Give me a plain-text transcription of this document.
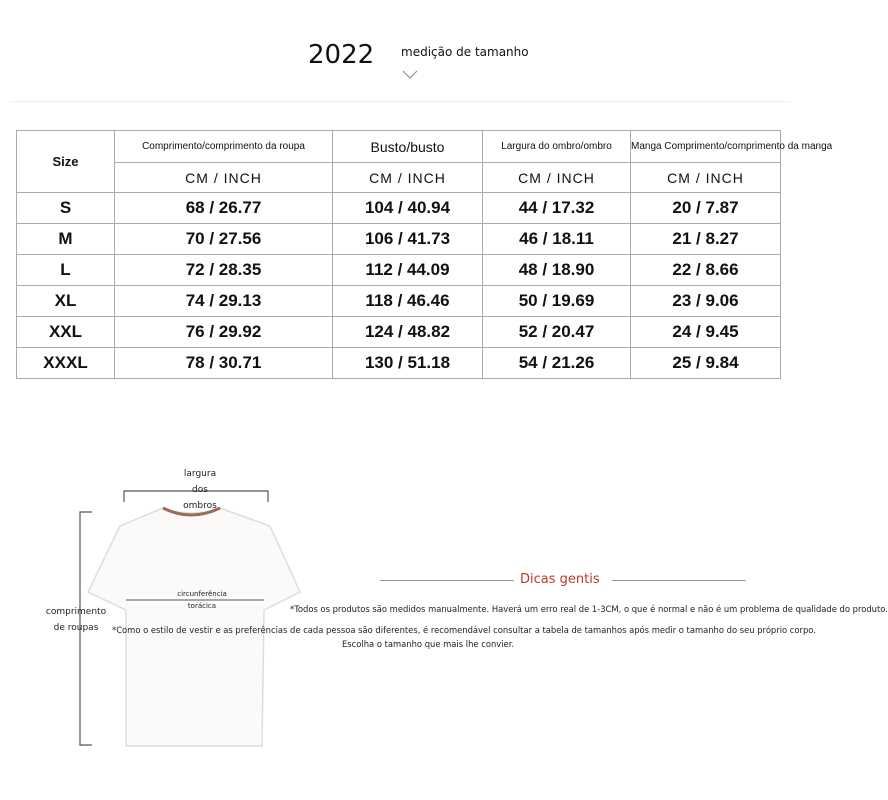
2022 medição de tamanho
Size	Comprimento/comprimento da roupa	Busto/busto	Largura do ombro/ombro	Manga Comprimento/comprimento da manga
	CM / INCH	CM / INCH	CM / INCH	CM / INCH
S	68 / 26.77	104 / 40.94	44 / 17.32	20 / 7.87
M	70 / 27.56	106 / 41.73	46 / 18.11	21 / 8.27
L	72 / 28.35	112 / 44.09	48 / 18.90	22 / 8.66
XL	74 / 29.13	118 / 46.46	50 / 19.69	23 / 9.06
XXL	76 / 29.92	124 / 48.82	52 / 20.47	24 / 9.45
XXXL	78 / 30.71	130 / 51.18	54 / 21.26	25 / 9.84
largura
dos
ombros
circunferência
torácica
comprimento
de roupas
Dicas gentis
*Todos os produtos são medidos manualmente. Haverá um erro real de 1-3CM, o que é normal e não é um problema de qualidade do produto.
*Como o estilo de vestir e as preferências de cada pessoa são diferentes, é recomendável consultar a tabela de tamanhos após medir o tamanho do seu próprio corpo.
Escolha o tamanho que mais lhe convier.
